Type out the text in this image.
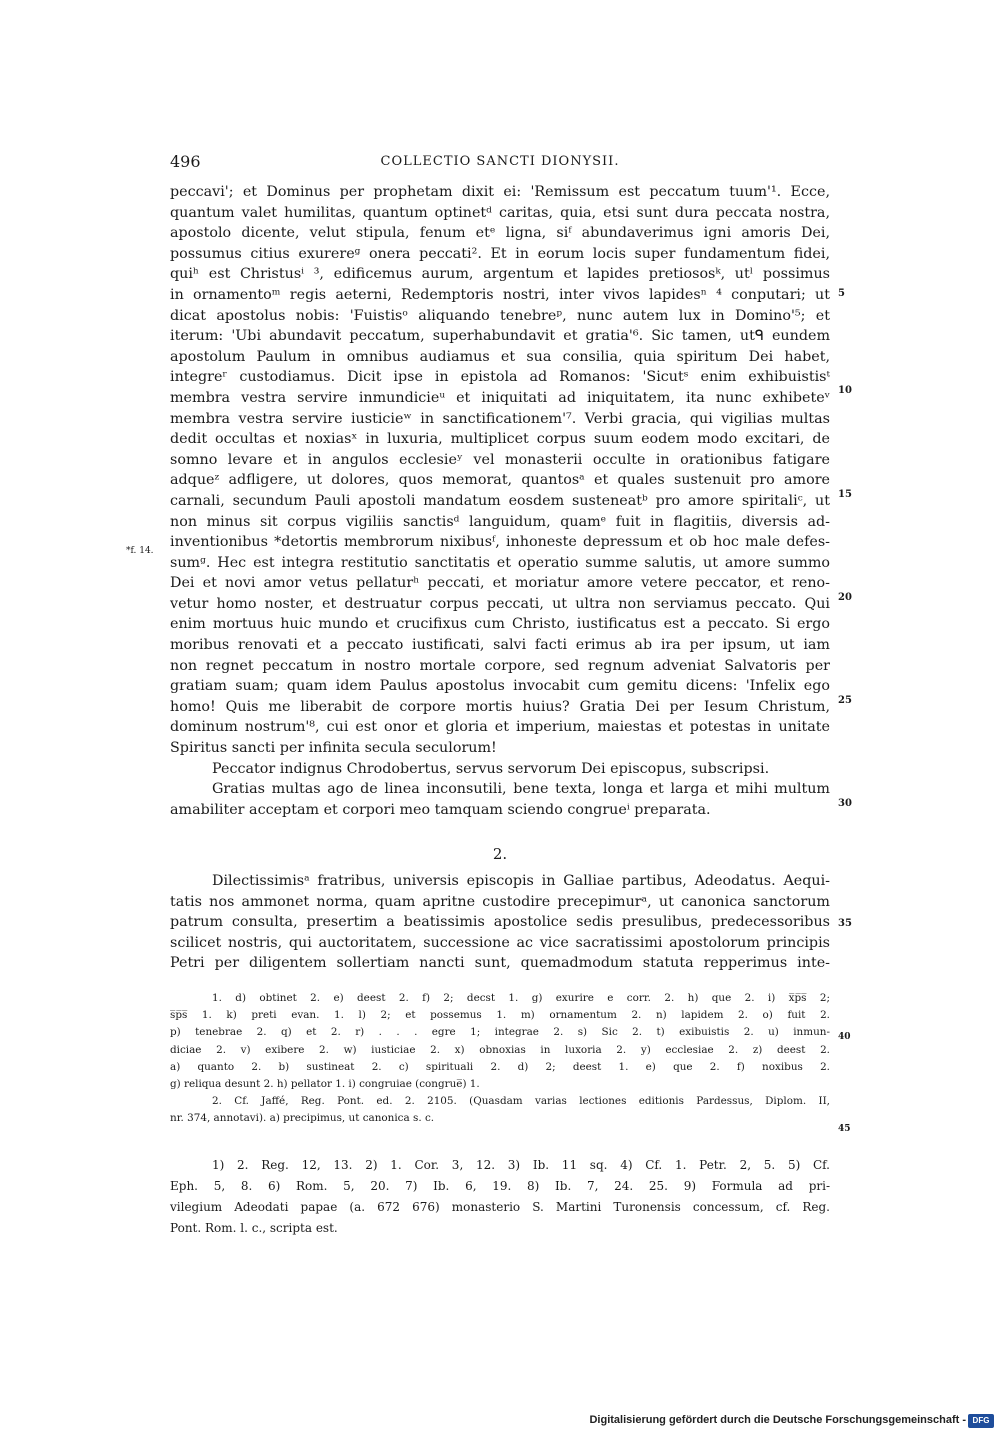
496	COLLECTIO SANCTI DIONYSII.
peccavi'; et Dominus per prophetam dixit ei: 'Remissum est peccatum tuum'¹. Ecce,
quantum valet humilitas, quantum optinetᵈ caritas, quia, etsi sunt dura peccata nostra,
apostolo dicente, velut stipula, fenum etᵉ ligna, siᶠ abundaverimus igni amoris Dei,
possumus citius exurereᵍ onera peccati². Et in eorum locis super fundamentum fidei,
quiʰ est Christusⁱ ³, edificemus aurum, argentum et lapides pretiososᵏ, utˡ possimus
in ornamentoᵐ regis aeterni, Redemptoris nostri, inter vivos lapidesⁿ ⁴ conputari; ut
dicat apostolus nobis: 'Fuistisᵒ aliquando tenebreᵖ, nunc autem lux in Domino'⁵; et
iterum: 'Ubi abundavit peccatum, superhabundavit et gratia'⁶. Sic tamen, utᑫ eundem
apostolum Paulum in omnibus audiamus et sua consilia, quia spiritum Dei habet,
integreʳ custodiamus. Dicit ipse in epistola ad Romanos: 'Sicutˢ enim exhibuistisᵗ
membra vestra servire inmundicieᵘ et iniquitati ad iniquitatem, ita nunc exhibeteᵛ
membra vestra servire iusticieʷ in sanctificationem'⁷. Verbi gracia, qui vigilias multas
dedit occultas et noxiasˣ in luxuria, multiplicet corpus suum eodem modo excitari, de
somno levare et in angulos ecclesieʸ vel monasterii occulte in orationibus fatigare
adqueᶻ adfligere, ut dolores, quos memorat, quantosᵃ et quales sustenuit pro amore
carnali, secundum Pauli apostoli mandatum eosdem susteneatᵇ pro amore spiritaliᶜ, ut
non minus sit corpus vigiliis sanctisᵈ languidum, quamᵉ fuit in flagitiis, diversis ad-
inventionibus *detortis membrorum nixibusᶠ, inhoneste depressum et ob hoc male defes-
sumᵍ. Hec est integra restitutio sanctitatis et operatio summe salutis, ut amore summo
Dei et novi amor vetus pellaturʰ peccati, et moriatur amore vetere peccator, et reno-
vetur homo noster, et destruatur corpus peccati, ut ultra non serviamus peccato. Qui
enim mortuus huic mundo et crucifixus cum Christo, iustificatus est a peccato. Si ergo
moribus renovati et a peccato iustificati, salvi facti erimus ab ira per ipsum, ut iam
non regnet peccatum in nostro mortale corpore, sed regnum adveniat Salvatoris per
gratiam suam; quam idem Paulus apostolus invocabit cum gemitu dicens: 'Infelix ego
homo! Quis me liberabit de corpore mortis huius? Gratia Dei per Iesum Christum,
dominum nostrum'⁸, cui est onor et gloria et imperium, maiestas et potestas in unitate
Spiritus sancti per infinita secula seculorum!
Peccator indignus Chrodobertus, servus servorum Dei episcopus, subscripsi.
Gratias multas ago de linea inconsutili, bene texta, longa et larga et mihi multum
amabiliter acceptam et corpori meo tamquam sciendo congrueⁱ preparata.
*f. 14.
5
10
15
20
25
30
35
2.
Dilectissimisᵃ fratribus, universis episcopis in Galliae partibus, Adeodatus. Aequi-
tatis nos ammonet norma, quam apritne custodire precepimurᵃ, ut canonica sanctorum
patrum consulta, presertim a beatissimis apostolice sedis presulibus, predecessoribus
scilicet nostris, qui auctoritatem, successione ac vice sacratissimi apostolorum principis
Petri per diligentem sollertiam nancti sunt, quemadmodum statuta repperimus inte-
1. d) obtinet 2. e) deest 2. f) 2; decst 1. g) exurire e corr. 2. h) que 2. i) x̅p̅s̅ 2;
s̅p̅s̅ 1. k) preti evan. 1. l) 2; et possemus 1. m) ornamentum 2. n) lapidem 2. o) fuit 2.
p) tenebrae 2. q) et 2. r) . . . egre 1; integrae 2. s) Sic 2. t) exibuistis 2. u) inmun-
diciae 2. v) exibere 2. w) iusticiae 2. x) obnoxias in luxoria 2. y) ecclesiae 2. z) deest 2.
a) quanto 2. b) sustineat 2. c) spirituali 2. d) 2; deest 1. e) que 2. f) noxibus 2.
g) reliqua desunt 2. h) pellator 1. i) congruiae (congrue̅) 1.
2. Cf. Jaffé, Reg. Pont. ed. 2. 2105. (Quasdam varias lectiones editionis Pardessus, Diplom. II,
nr. 374, annotavi). a) precipimus, ut canonica s. c.
40
45
1) 2. Reg. 12, 13. 2) 1. Cor. 3, 12. 3) Ib. 11 sq. 4) Cf. 1. Petr. 2, 5. 5) Cf.
Eph. 5, 8. 6) Rom. 5, 20. 7) Ib. 6, 19. 8) Ib. 7, 24. 25. 9) Formula ad pri-
vilegium Adeodati papae (a. 672 676) monasterio S. Martini Turonensis concessum, cf. Reg.
Pont. Rom. l. c., scripta est.
Digitalisierung gefördert durch die Deutsche Forschungsgemeinschaft - DFG
